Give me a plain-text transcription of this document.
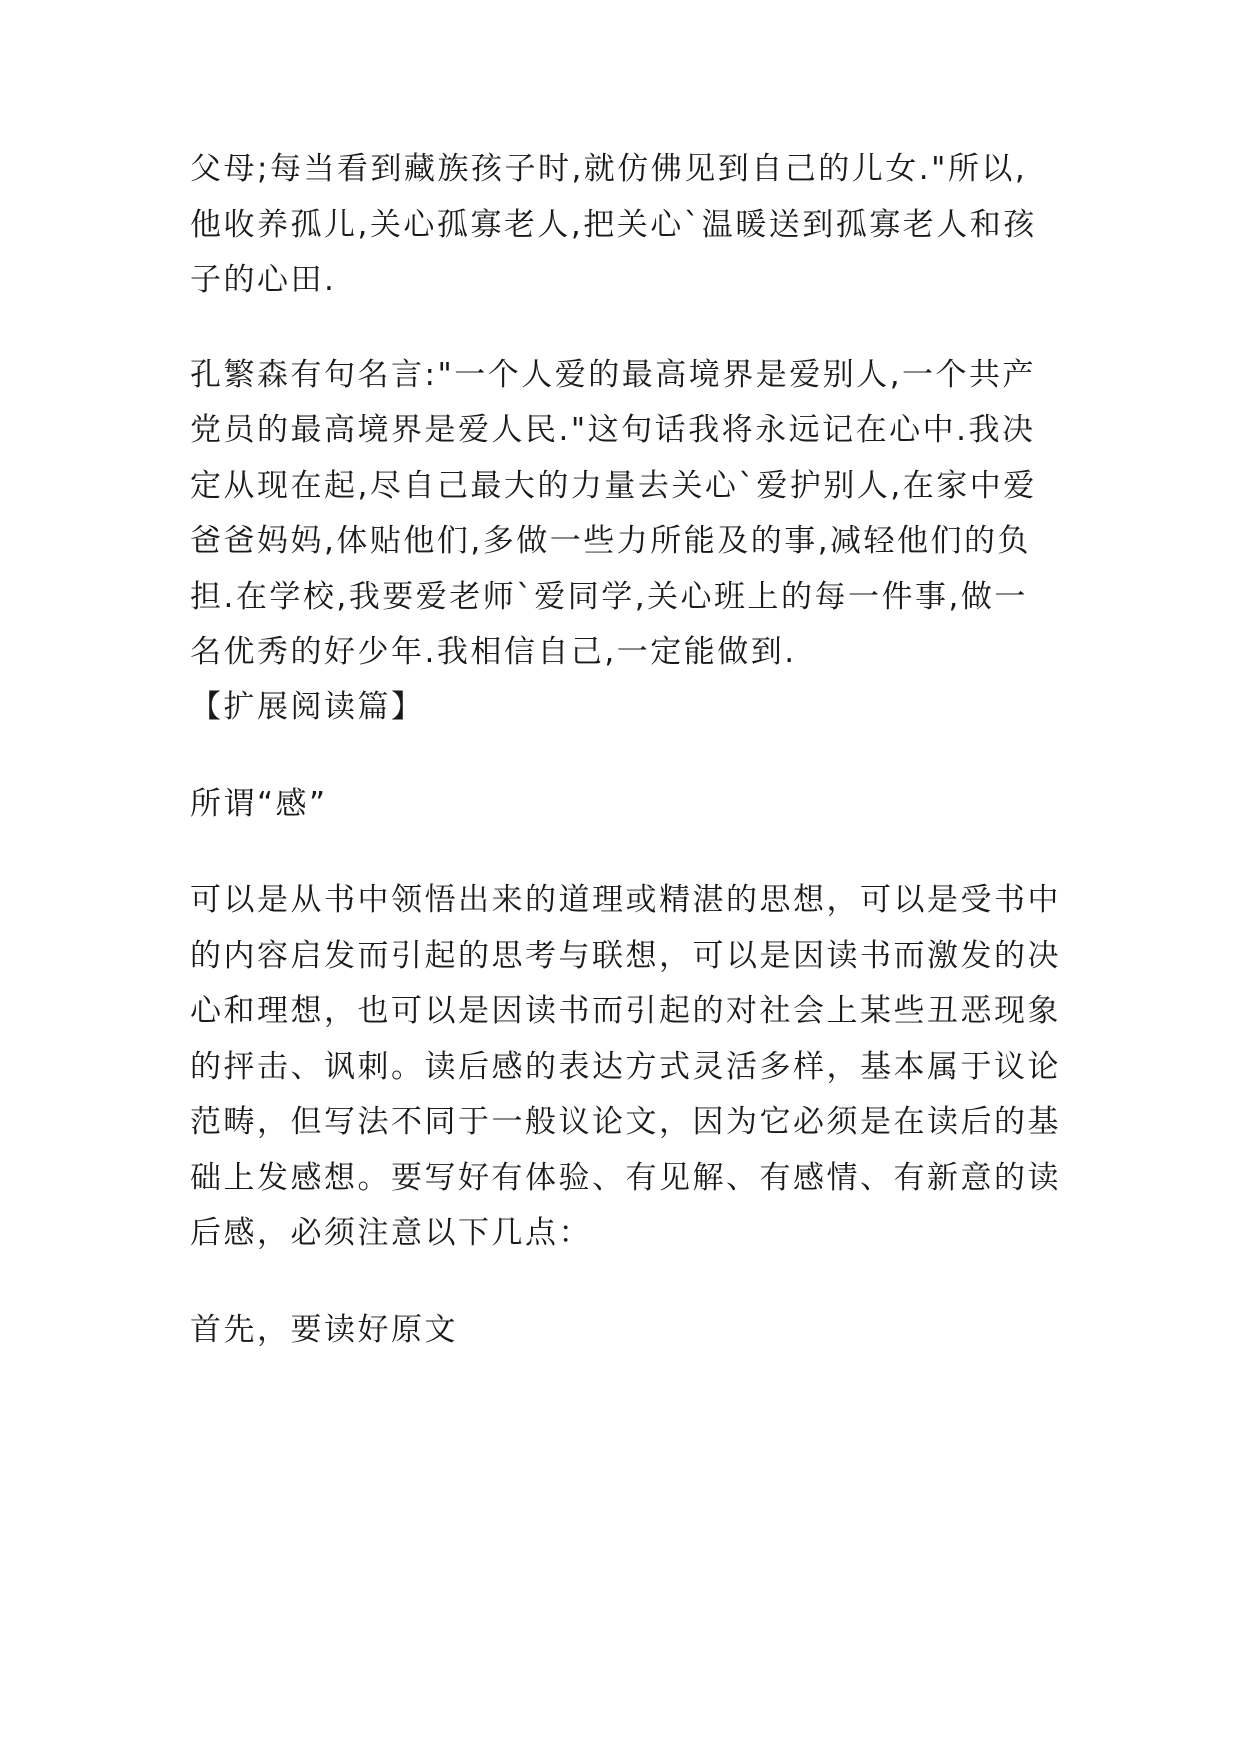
父母;每当看到藏族孩子时,就仿佛见到自己的儿女."所以,

他收养孤儿,关心孤寡老人,把关心`温暖送到孤寡老人和孩

子的心田.

孔繁森有句名言:"一个人爱的最高境界是爱别人,一个共产

党员的最高境界是爱人民."这句话我将永远记在心中.我决

定从现在起,尽自己最大的力量去关心`爱护别人,在家中爱

爸爸妈妈,体贴他们,多做一些力所能及的事,减轻他们的负

担.在学校,我要爱老师`爱同学,关心班上的每一件事,做一

名优秀的好少年.我相信自己,一定能做到.

【扩展阅读篇】

所谓“感”

可以是从书中领悟出来的道理或精湛的思想，可以是受书中

的内容启发而引起的思考与联想，可以是因读书而激发的决

心和理想，也可以是因读书而引起的对社会上某些丑恶现象

的抨击、讽刺。读后感的表达方式灵活多样，基本属于议论

范畴，但写法不同于一般议论文，因为它必须是在读后的基

础上发感想。要写好有体验、有见解、有感情、有新意的读

后感，必须注意以下几点：

首先，要读好原文
